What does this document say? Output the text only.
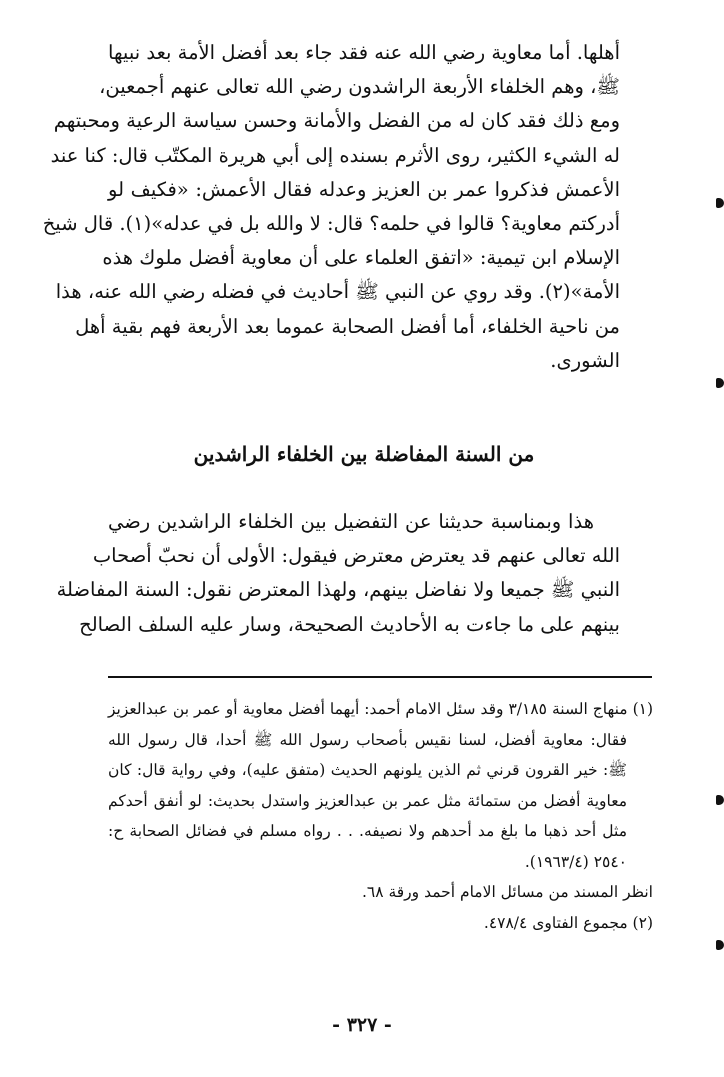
أهلها. أما معاوية رضي الله عنه فقد جاء بعد أفضل الأمة بعد نبيها
ﷺ، وهم الخلفاء الأربعة الراشدون رضي الله تعالى عنهم أجمعين،
ومع ذلك فقد كان له من الفضل والأمانة وحسن سياسة الرعية ومحبتهم
له الشيء الكثير، روى الأثرم بسنده إلى أبي هريرة المكتّب قال: كنا عند
الأعمش فذكروا عمر بن العزيز وعدله فقال الأعمش: «فكيف لو
أدركتم معاوية؟ قالوا في حلمه؟ قال: لا والله بل في عدله»(١). قال شيخ
الإسلام ابن تيمية: «اتفق العلماء على أن معاوية أفضل ملوك هذه
الأمة»(٢). وقد روي عن النبي ﷺ أحاديث في فضله رضي الله عنه، هذا
من ناحية الخلفاء، أما أفضل الصحابة عموما بعد الأربعة فهم بقية أهل
الشورى.
من السنة المفاضلة بين الخلفاء الراشدين
هذا وبمناسبة حديثنا عن التفضيل بين الخلفاء الراشدين رضي
الله تعالى عنهم قد يعترض معترض فيقول: الأولى أن نحبّ أصحاب
النبي ﷺ جميعا ولا نفاضل بينهم، ولهذا المعترض نقول: السنة المفاضلة
بينهم على ما جاءت به الأحاديث الصحيحة، وسار عليه السلف الصالح
(١) منهاج السنة ٣/١٨٥ وقد سئل الامام أحمد: أيهما أفضل معاوية أو عمر بن عبدالعزيز
فقال: معاوية أفضل، لسنا نقيس بأصحاب رسول الله ﷺ أحدا، قال رسول الله
ﷺ: خير القرون قرني ثم الذين يلونهم الحديث (متفق عليه)، وفي رواية قال: كان
معاوية أفضل من ستمائة مثل عمر بن عبدالعزيز واستدل بحديث: لو أنفق أحدكم
مثل أحد ذهبا ما بلغ مد أحدهم ولا نصيفه. . . رواه مسلم في فضائل الصحابة ح:
٢٥٤٠ (١٩٦٣/٤).
انظر المسند من مسائل الامام أحمد ورقة ٦٨.
(٢) مجموع الفتاوى ٤٧٨/٤.
- ٣٢٧ -
